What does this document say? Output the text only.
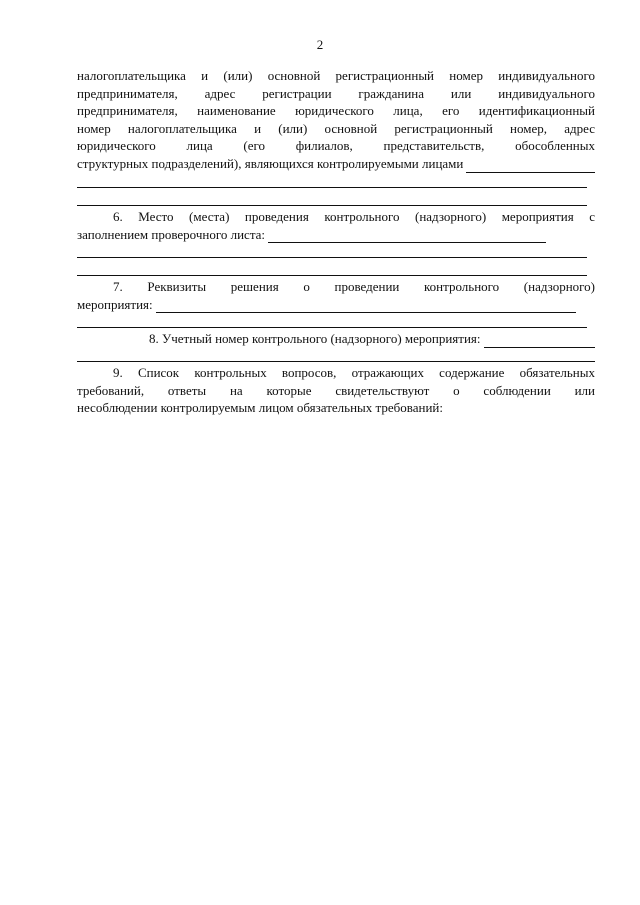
2
налогоплательщика и (или) основной регистрационный номер индивидуального
предпринимателя, адрес регистрации гражданина или индивидуального
предпринимателя, наименование юридического лица, его идентификационный
номер налогоплательщика и (или) основной регистрационный номер, адрес
юридического лица (его филиалов, представительств, обособленных
структурных подразделений), являющихся контролируемыми лицами
6. Место (места) проведения контрольного (надзорного) мероприятия с
заполнением проверочного листа:
7. Реквизиты решения о проведении контрольного (надзорного)
мероприятия:
8. Учетный номер контрольного (надзорного) мероприятия:
9. Список контрольных вопросов, отражающих содержание обязательных
требований, ответы на которые свидетельствуют о соблюдении или
несоблюдении контролируемым лицом обязательных требований:
